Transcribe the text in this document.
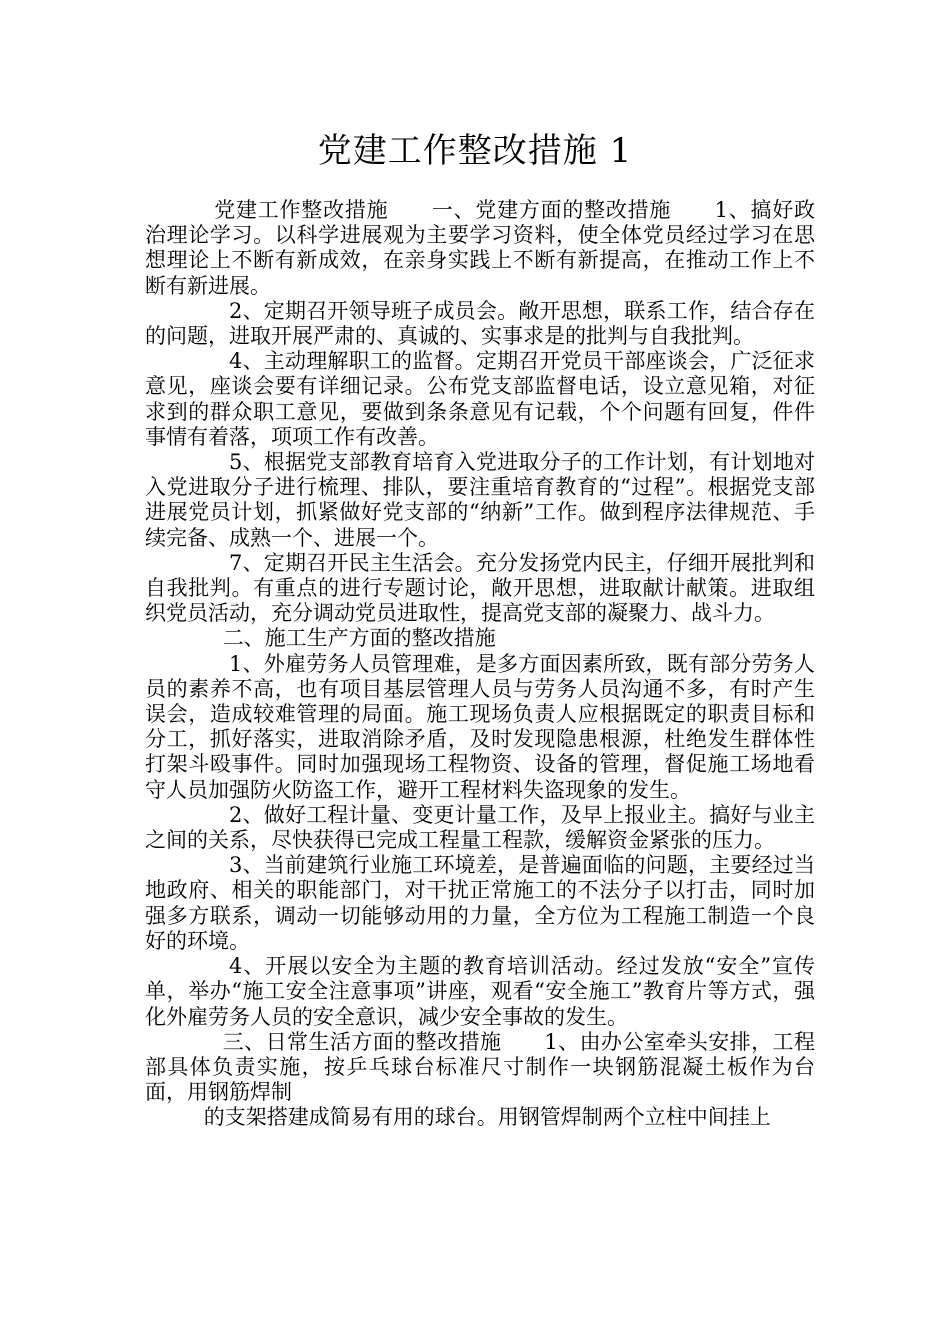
党建工作整改措施 1

党建工作整改措施　　一、党建方面的整改措施　　1、搞好政治理论学习。以科学进展观为主要学习资料，使全体党员经过学习在思想理论上不断有新成效，在亲身实践上不断有新提高，在推动工作上不断有新进展。

2、定期召开领导班子成员会。敞开思想，联系工作，结合存在的问题，进取开展严肃的、真诚的、实事求是的批判与自我批判。

4、主动理解职工的监督。定期召开党员干部座谈会，广泛征求意见，座谈会要有详细记录。公布党支部监督电话，设立意见箱，对征求到的群众职工意见，要做到条条意见有记载，个个问题有回复，件件事情有着落，项项工作有改善。

5、根据党支部教育培育入党进取分子的工作计划，有计划地对入党进取分子进行梳理、排队，要注重培育教育的“过程”。根据党支部进展党员计划，抓紧做好党支部的“纳新”工作。做到程序法律规范、手续完备、成熟一个、进展一个。

7、定期召开民主生活会。充分发扬党内民主，仔细开展批判和自我批判。有重点的进行专题讨论，敞开思想，进取献计献策。进取组织党员活动，充分调动党员进取性，提高党支部的凝聚力、战斗力。

二、施工生产方面的整改措施

1、外雇劳务人员管理难，是多方面因素所致，既有部分劳务人员的素养不高，也有项目基层管理人员与劳务人员沟通不多，有时产生误会，造成较难管理的局面。施工现场负责人应根据既定的职责目标和分工，抓好落实，进取消除矛盾，及时发现隐患根源，杜绝发生群体性打架斗殴事件。同时加强现场工程物资、设备的管理，督促施工场地看守人员加强防火防盗工作，避开工程材料失盗现象的发生。

2、做好工程计量、变更计量工作，及早上报业主。搞好与业主之间的关系，尽快获得已完成工程量工程款，缓解资金紧张的压力。

3、当前建筑行业施工环境差，是普遍面临的问题，主要经过当地政府、相关的职能部门，对干扰正常施工的不法分子以打击，同时加强多方联系，调动一切能够动用的力量，全方位为工程施工制造一个良好的环境。

4、开展以安全为主题的教育培训活动。经过发放“安全”宣传单，举办“施工安全注意事项”讲座，观看“安全施工”教育片等方式，强化外雇劳务人员的安全意识，减少安全事故的发生。

三、日常生活方面的整改措施　　1、由办公室牵头安排，工程部具体负责实施，按乒乓球台标准尺寸制作一块钢筋混凝土板作为台面，用钢筋焊制

的支架搭建成简易有用的球台。用钢管焊制两个立柱中间挂上
